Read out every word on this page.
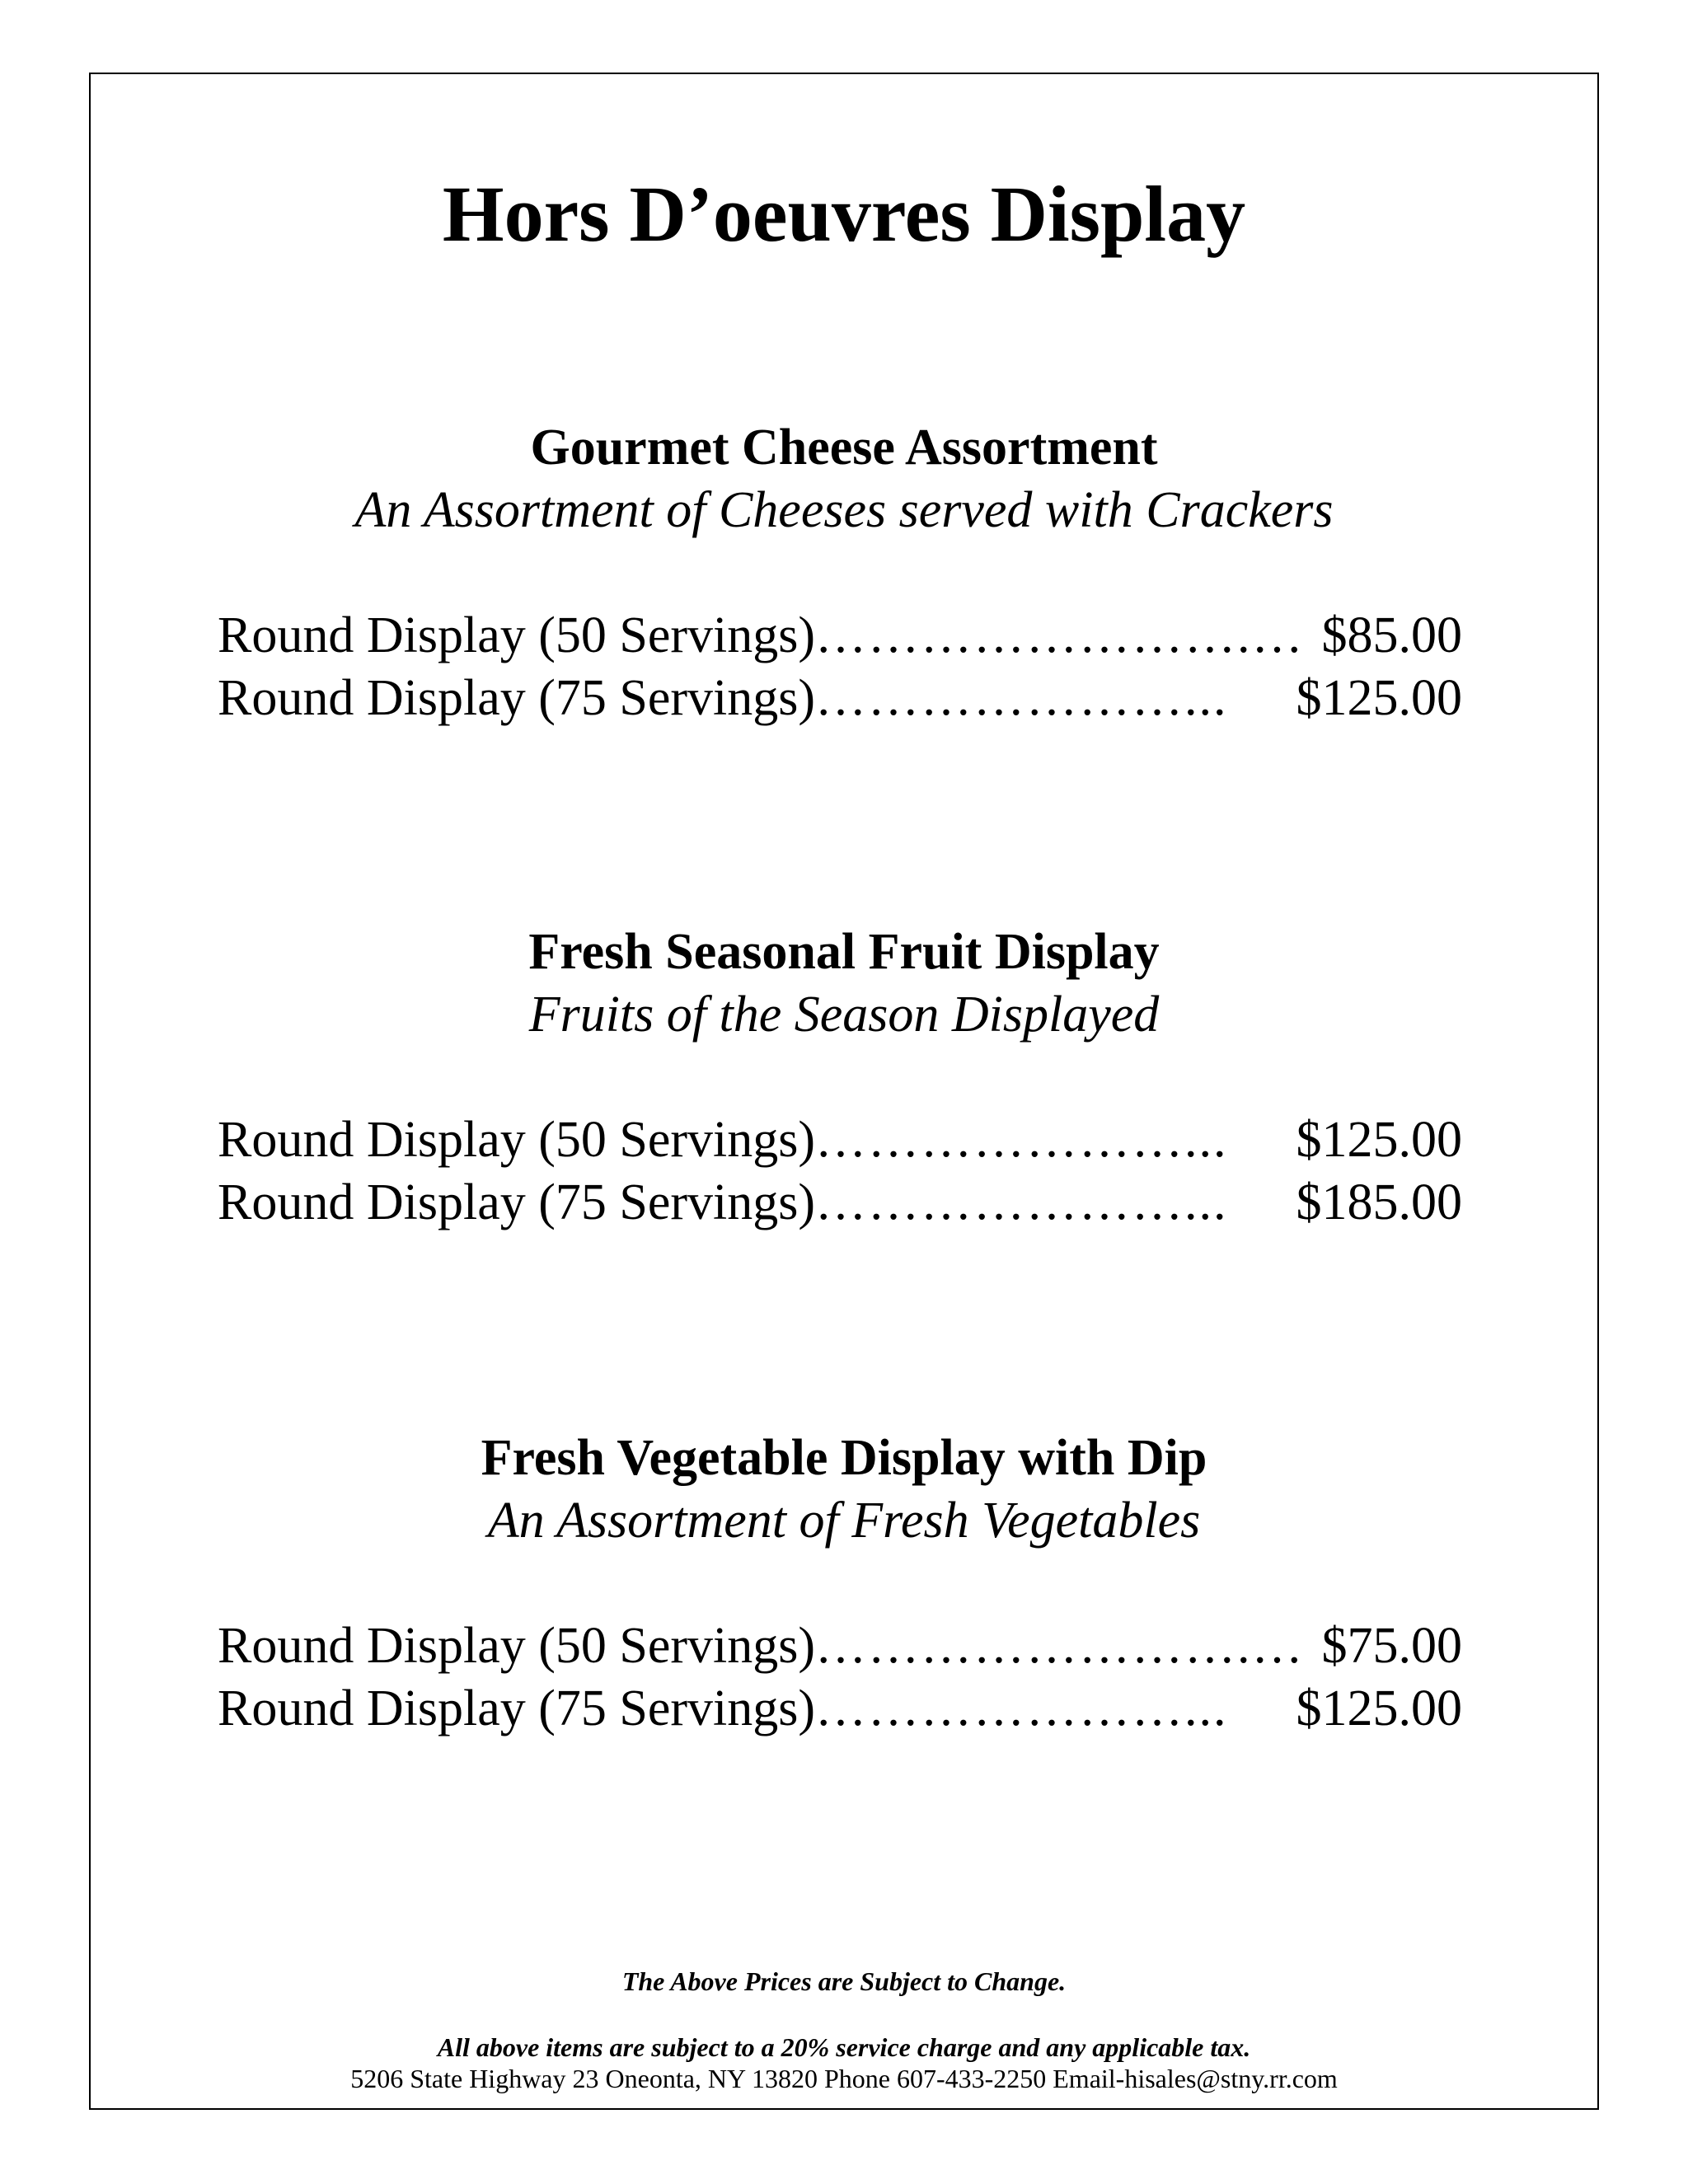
Hors D’oeuvres Display
Gourmet Cheese Assortment
An Assortment of Cheeses served with Crackers
Round Display (50 Servings) …………………….… $85.00
Round Display (75 Servings) …………………...	$125.00
Fresh Seasonal Fruit Display
Fruits of the Season Displayed
Round Display (50 Servings) …………………...	$125.00
Round Display (75 Servings) …………………...	$185.00
Fresh Vegetable Display with Dip
An Assortment of Fresh Vegetables
Round Display (50 Servings) …………………….… $75.00
Round Display (75 Servings) …………………...	$125.00
The Above Prices are Subject to Change.
All above items are subject to a 20% service charge and any applicable tax.
5206 State Highway 23 Oneonta, NY 13820 Phone 607-433-2250 Email-hisales@stny.rr.com
